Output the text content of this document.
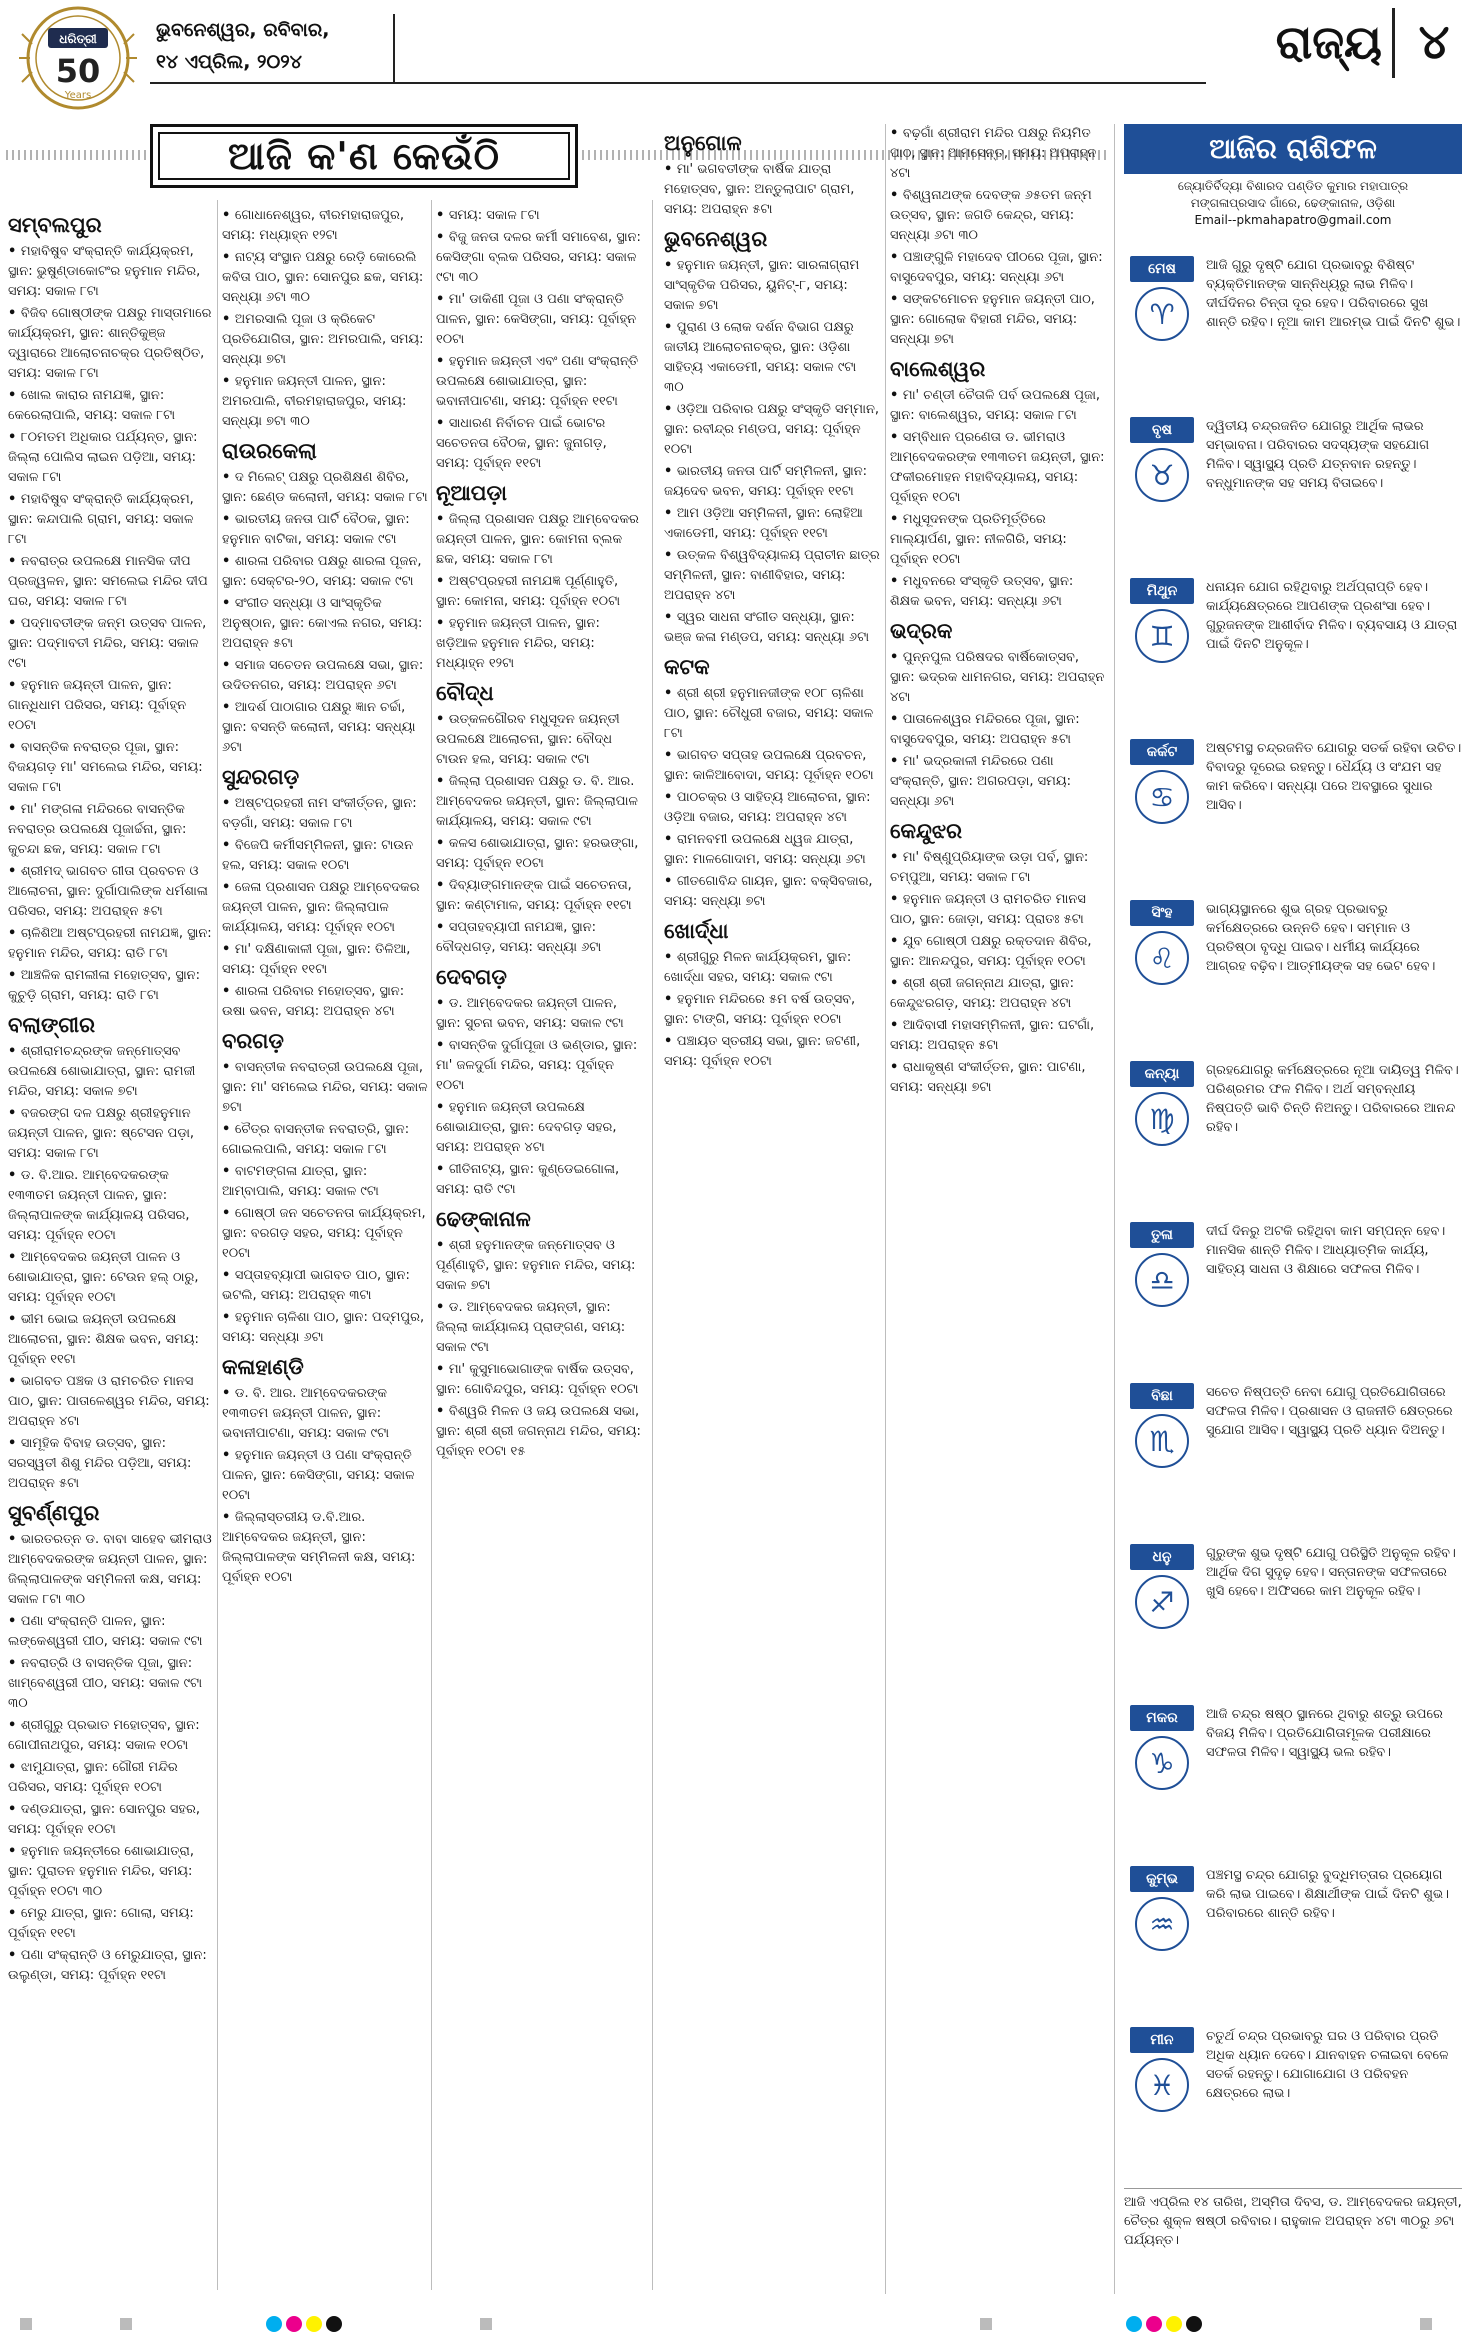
ଧରିତ୍ରୀ
50
Years
ଭୁବନେଶ୍ୱର, ରବିବାର,
୧୪ ଏପ୍ରିଲ, ୨୦୨୪	ରାଜ୍ୟ ୪
ଆଜି କ'ଣ କେଉଁଠି
ସମ୍ବଲପୁର
• ମହାବିଷୁବ ସଂକ୍ରାନ୍ତି କାର୍ଯ୍ୟକ୍ରମ, ସ୍ଥାନ: ଭୁଷୁଣ୍ଡାକୋଟଂର ହନୁମାନ ମନ୍ଦିର, ସମୟ: ସକାଳ ୮ଟା
• ବିଜିବ ଗୋଷ୍ଠୀଙ୍କ ପକ୍ଷରୁ ମାସ୍ତାମାରେ କାର୍ଯ୍ୟକ୍ରମ, ସ୍ଥାନ: ଶାନ୍ତିକୁଞ୍ଜ ଦ୍ୱାରାରେ ଆଲୋଚନାଚକ୍ର ପ୍ରତିଷ୍ଠିତ, ସମୟ: ସକାଳ ୮ଟା
• ଖୋଲ କାରାର ନାମଯଜ୍ଞ, ସ୍ଥାନ: କେରେଲାପାଲି, ସମୟ: ସକାଳ ୮ଟା
• ୮୦ମତମ ଅଧିକାର ପର୍ଯ୍ୟନ୍ତ, ସ୍ଥାନ: ଜିଲ୍ଲା ପୋଲିସ ଲାଇନ ପଡ଼ିଆ, ସମୟ: ସକାଳ ୮ଟା
• ମହାବିଷୁବ ସଂକ୍ରାନ୍ତି କାର୍ଯ୍ୟକ୍ରମ, ସ୍ଥାନ: କନ୍ଦାପାଲି ଗ୍ରାମ, ସମୟ: ସକାଳ ୮ଟା
• ନବରାତ୍ର ଉପଲକ୍ଷେ ମାନସିକ ଦୀପ ପ୍ରଜ୍ୱଳନ, ସ୍ଥାନ: ସମଲେଇ ମନ୍ଦିର ଦୀପ ଘର, ସମୟ: ସକାଳ ୮ଟା
• ପଦ୍ମାବତୀଙ୍କ ଜନ୍ମ ଉତ୍ସବ ପାଳନ, ସ୍ଥାନ: ପଦ୍ମାବତୀ ମନ୍ଦିର, ସମୟ: ସକାଳ ୯ଟା
• ହନୁମାନ ଜୟନ୍ତୀ ପାଳନ, ସ୍ଥାନ: ଗାନ୍ଧିଧାମ ପରିସର, ସମୟ: ପୂର୍ବାହ୍ନ ୧୦ଟା
• ବାସନ୍ତିକ ନବରାତ୍ର ପୂଜା, ସ୍ଥାନ: ବିଜୟଗଡ଼ ମା' ସମଲେଇ ମନ୍ଦିର, ସମୟ: ସକାଳ ୮ଟା
• ମା' ମଙ୍ଗଳା ମନ୍ଦିରରେ ବାସନ୍ତିକ ନବରାତ୍ର ଉପଲକ୍ଷେ ପୂଜାର୍ଚ୍ଚନା, ସ୍ଥାନ: କୁଚନ୍ଦା ଛକ, ସମୟ: ସକାଳ ୮ଟା
• ଶ୍ରୀମଦ୍ ଭାଗବତ ଗୀତା ପ୍ରବଚନ ଓ ଆଲୋଚନା, ସ୍ଥାନ: ଦୁର୍ଗାପାଲିଙ୍କ ଧର୍ମଶାଳା ପରିସର, ସମୟ: ଅପରାହ୍ନ ୫ଟା
• ଚାଳିଶିଆ ଅଷ୍ଟପ୍ରହରୀ ନାମଯଜ୍ଞ, ସ୍ଥାନ: ହନୁମାନ ମନ୍ଦିର, ସମୟ: ରାତି ୮ଟା
• ଆଞ୍ଚଳିକ ରାମଲୀଳା ମହୋତ୍ସବ, ସ୍ଥାନ: କୁଚୁଡ଼ି ଗ୍ରାମ, ସମୟ: ରାତି ୮ଟା
ବଲାଙ୍ଗୀର
• ଶ୍ରୀରାମଚନ୍ଦ୍ରଙ୍କ ଜନ୍ମୋତ୍ସବ ଉପଲକ୍ଷେ ଶୋଭାଯାତ୍ରା, ସ୍ଥାନ: ରାମଜୀ ମନ୍ଦିର, ସମୟ: ସକାଳ ୭ଟା
• ବଜରଙ୍ଗ ଦଳ ପକ୍ଷରୁ ଶ୍ରୀହନୁମାନ ଜୟନ୍ତୀ ପାଳନ, ସ୍ଥାନ: ଷ୍ଟେସନ ପଡ଼ା, ସମୟ: ସକାଳ ୮ଟା
• ଡ. ବି.ଆର. ଆମ୍ବେଦକରଙ୍କ ୧୩୩ତମ ଜୟନ୍ତୀ ପାଳନ, ସ୍ଥାନ: ଜିଲ୍ଲାପାଳଙ୍କ କାର୍ଯ୍ୟାଳୟ ପରିସର, ସମୟ: ପୂର୍ବାହ୍ନ ୧୦ଟା
• ଆମ୍ବେଦକର ଜୟନ୍ତୀ ପାଳନ ଓ ଶୋଭାଯାତ୍ରା, ସ୍ଥାନ: ଟେଉନ ହଲ୍ ଠାରୁ, ସମୟ: ପୂର୍ବାହ୍ନ ୧୦ଟା
• ଭୀମ ଭୋଇ ଜୟନ୍ତୀ ଉପଲକ୍ଷେ ଆଲୋଚନା, ସ୍ଥାନ: ଶିକ୍ଷକ ଭବନ, ସମୟ: ପୂର୍ବାହ୍ନ ୧୧ଟା
• ଭାଗବତ ପଞ୍ଚକ ଓ ରାମଚରିତ ମାନସ ପାଠ, ସ୍ଥାନ: ପାତାଳେଶ୍ୱର ମନ୍ଦିର, ସମୟ: ଅପରାହ୍ନ ୪ଟା
• ସାମୂହିକ ବିବାହ ଉତ୍ସବ, ସ୍ଥାନ: ସରସ୍ୱତୀ ଶିଶୁ ମନ୍ଦିର ପଡ଼ିଆ, ସମୟ: ଅପରାହ୍ନ ୫ଟା
ସୁବର୍ଣ୍ଣପୁର
• ଭାରତରତ୍ନ ଡ. ବାବା ସାହେବ ଭୀମରାଓ ଆମ୍ବେଦକରଙ୍କ ଜୟନ୍ତୀ ପାଳନ, ସ୍ଥାନ: ଜିଲ୍ଲାପାଳଙ୍କ ସମ୍ମିଳନୀ କକ୍ଷ, ସମୟ: ସକାଳ ୮ଟା ୩୦
• ପଣା ସଂକ୍ରାନ୍ତି ପାଳନ, ସ୍ଥାନ: ଲଙ୍କେଶ୍ୱରୀ ପୀଠ, ସମୟ: ସକାଳ ୯ଟା
• ନବରାତ୍ରି ଓ ବାସନ୍ତିକ ପୂଜା, ସ୍ଥାନ: ଖାମ୍ବେଶ୍ୱରୀ ପୀଠ, ସମୟ: ସକାଳ ୯ଟା ୩୦
• ଶ୍ରୀଗୁରୁ ପ୍ରଭାତ ମହୋତ୍ସବ, ସ୍ଥାନ: ଗୋପୀନାଥପୁର, ସମୟ: ସକାଳ ୧୦ଟା
• ଝାମୁଯାତ୍ରା, ସ୍ଥାନ: ଗୌରୀ ମନ୍ଦିର ପରିସର, ସମୟ: ପୂର୍ବାହ୍ନ ୧୦ଟା
• ଦଣ୍ଡଯାତ୍ରା, ସ୍ଥାନ: ସୋନପୁର ସହର, ସମୟ: ପୂର୍ବାହ୍ନ ୧୦ଟା
• ହନୁମାନ ଜୟନ୍ତୀରେ ଶୋଭାଯାତ୍ରା, ସ୍ଥାନ: ପୁରାତନ ହନୁମାନ ମନ୍ଦିର, ସମୟ: ପୂର୍ବାହ୍ନ ୧୦ଟା ୩୦
• ମେରୁ ଯାତ୍ରା, ସ୍ଥାନ: ଗୋଲା, ସମୟ: ପୂର୍ବାହ୍ନ ୧୧ଟା
• ପଣା ସଂକ୍ରାନ୍ତି ଓ ମେରୁଯାତ୍ରା, ସ୍ଥାନ: ଉଲୁଣ୍ଡା, ସମୟ: ପୂର୍ବାହ୍ନ ୧୧ଟା
• ଗୋଧାନେଶ୍ୱର, ବୀରମହାରାଜପୁର, ସମୟ: ମଧ୍ୟାହ୍ନ ୧୨ଟା
• ନାଟ୍ୟ ସଂସ୍ଥାନ ପକ୍ଷରୁ ରେଡ଼ି କୋରେଲି କବିତା ପାଠ, ସ୍ଥାନ: ସୋନପୁର ଛକ, ସମୟ: ସନ୍ଧ୍ୟା ୬ଟା ୩୦
• ଅମରସାଲି ପୂଜା ଓ କ୍ରିକେଟ ପ୍ରତିଯୋଗିତା, ସ୍ଥାନ: ଅମରପାଲି, ସମୟ: ସନ୍ଧ୍ୟା ୭ଟା
• ହନୁମାନ ଜୟନ୍ତୀ ପାଳନ, ସ୍ଥାନ: ଅମରପାଲି, ବୀରମହାରାଜପୁର, ସମୟ: ସନ୍ଧ୍ୟା ୭ଟା ୩୦
ରାଉରକେଲା
• ଦ ମିଲେଟ୍ ପକ୍ଷରୁ ପ୍ରଶିକ୍ଷଣ ଶିବିର, ସ୍ଥାନ: ଛେଣ୍ଡ କଲୋନୀ, ସମୟ: ସକାଳ ୮ଟା
• ଭାରତୀୟ ଜନତା ପାର୍ଟି ବୈଠକ, ସ୍ଥାନ: ହନୁମାନ ବାଟିକା, ସମୟ: ସକାଳ ୯ଟା
• ଶାରଳା ପରିବାର ପକ୍ଷରୁ ଶାରଳା ପୂଜନ, ସ୍ଥାନ: ସେକ୍ଟର-୨୦, ସମୟ: ସକାଳ ୯ଟା
• ସଂଗୀତ ସନ୍ଧ୍ୟା ଓ ସାଂସ୍କୃତିକ ଅନୁଷ୍ଠାନ, ସ୍ଥାନ: କୋଏଲ ନଗର, ସମୟ: ଅପରାହ୍ନ ୫ଟା
• ସମାଜ ସଚେତନ ଉପଲକ୍ଷେ ସଭା, ସ୍ଥାନ: ଉଦିତନଗର, ସମୟ: ଅପରାହ୍ନ ୬ଟା
• ଆଦର୍ଶ ପାଠାଗାର ପକ୍ଷରୁ ଜ୍ଞାନ ଚର୍ଚ୍ଚା, ସ୍ଥାନ: ବସନ୍ତି କଲୋନୀ, ସମୟ: ସନ୍ଧ୍ୟା ୬ଟା
ସୁନ୍ଦରଗଡ଼
• ଅଷ୍ଟପ୍ରହରୀ ନାମ ସଂକୀର୍ତ୍ତନ, ସ୍ଥାନ: ବଡ଼ଗାଁ, ସମୟ: ସକାଳ ୮ଟା
• ବିଜେପି କର୍ମୀସମ୍ମିଳନୀ, ସ୍ଥାନ: ଟାଉନ ହଲ, ସମୟ: ସକାଳ ୧୦ଟା
• ଜେଳା ପ୍ରଶାସନ ପକ୍ଷରୁ ଆମ୍ବେଦକର ଜୟନ୍ତୀ ପାଳନ, ସ୍ଥାନ: ଜିଲ୍ଲାପାଳ କାର୍ଯ୍ୟାଳୟ, ସମୟ: ପୂର୍ବାହ୍ନ ୧୦ଟା
• ମା' ଦକ୍ଷିଣାକାଳୀ ପୂଜା, ସ୍ଥାନ: ତିଳିଆ, ସମୟ: ପୂର୍ବାହ୍ନ ୧୧ଟା
• ଶାରଳା ପରିବାର ମହୋତ୍ସବ, ସ୍ଥାନ: ଉଷା ଭବନ, ସମୟ: ଅପରାହ୍ନ ୪ଟା
ବରଗଡ଼
• ବାସନ୍ତୀକ ନବରାତ୍ରୀ ଉପଲକ୍ଷେ ପୂଜା, ସ୍ଥାନ: ମା' ସମଲେଇ ମନ୍ଦିର, ସମୟ: ସକାଳ ୭ଟା
• ଚୈତ୍ର ବାସନ୍ତୀକ ନବରାତ୍ରି, ସ୍ଥାନ: ଗୋଇଲପାଲି, ସମୟ: ସକାଳ ୮ଟା
• ବାଟମଙ୍ଗଳା ଯାତ୍ରା, ସ୍ଥାନ: ଆମ୍ବାପାଲି, ସମୟ: ସକାଳ ୯ଟା
• ଗୋଷ୍ଠୀ ଜନ ସଚେତନତା କାର୍ଯ୍ୟକ୍ରମ, ସ୍ଥାନ: ବରଗଡ଼ ସହର, ସମୟ: ପୂର୍ବାହ୍ନ ୧୦ଟା
• ସପ୍ତାହବ୍ୟାପୀ ଭାଗବତ ପାଠ, ସ୍ଥାନ: ଭଟଲି, ସମୟ: ଅପରାହ୍ନ ୩ଟା
• ହନୁମାନ ଚାଳିଶା ପାଠ, ସ୍ଥାନ: ପଦ୍ମପୁର, ସମୟ: ସନ୍ଧ୍ୟା ୬ଟା
କଳାହାଣ୍ଡି
• ଡ. ବି. ଆର. ଆମ୍ବେଦକରଙ୍କ ୧୩୩ତମ ଜୟନ୍ତୀ ପାଳନ, ସ୍ଥାନ: ଭବାନୀପାଟଣା, ସମୟ: ସକାଳ ୯ଟା
• ହନୁମାନ ଜୟନ୍ତୀ ଓ ପଣା ସଂକ୍ରାନ୍ତି ପାଳନ, ସ୍ଥାନ: କେସିଙ୍ଗା, ସମୟ: ସକାଳ ୧୦ଟା
• ଜିଲ୍ଲାସ୍ତରୀୟ ଡ.ବି.ଆର. ଆମ୍ବେଦକର ଜୟନ୍ତୀ, ସ୍ଥାନ: ଜିଲ୍ଲାପାଳଙ୍କ ସମ୍ମିଳନୀ କକ୍ଷ, ସମୟ: ପୂର୍ବାହ୍ନ ୧୦ଟା
• ସମୟ: ସକାଳ ୮ଟା
• ବିଜୁ ଜନତା ଦଳର କର୍ମୀ ସମାବେଶ, ସ୍ଥାନ: କେସିଙ୍ଗା ବ୍ଲକ ପରିସର, ସମୟ: ସକାଳ ୯ଟା ୩୦
• ମା' ଡାକିଣୀ ପୂଜା ଓ ପଣା ସଂକ୍ରାନ୍ତି ପାଳନ, ସ୍ଥାନ: କେସିଙ୍ଗା, ସମୟ: ପୂର୍ବାହ୍ନ ୧୦ଟା
• ହନୁମାନ ଜୟନ୍ତୀ ଏବଂ ପଣା ସଂକ୍ରାନ୍ତି ଉପଲକ୍ଷେ ଶୋଭାଯାତ୍ରା, ସ୍ଥାନ: ଭବାନୀପାଟଣା, ସମୟ: ପୂର୍ବାହ୍ନ ୧୧ଟା
• ସାଧାରଣ ନିର୍ବାଚନ ପାଇଁ ଭୋଟର ସଚେତନତା ବୈଠକ, ସ୍ଥାନ: ଜୁନାଗଡ଼, ସମୟ: ପୂର୍ବାହ୍ନ ୧୧ଟା
ନୂଆପଡ଼ା
• ଜିଲ୍ଲା ପ୍ରଶାସନ ପକ୍ଷରୁ ଆମ୍ବେଦକର ଜୟନ୍ତୀ ପାଳନ, ସ୍ଥାନ: କୋମନା ବ୍ଲକ ଛକ, ସମୟ: ସକାଳ ୮ଟା
• ଅଷ୍ଟପ୍ରହରୀ ନାମଯଜ୍ଞ ପୂର୍ଣ୍ଣାହୁତି, ସ୍ଥାନ: କୋମନା, ସମୟ: ପୂର୍ବାହ୍ନ ୧୦ଟା
• ହନୁମାନ ଜୟନ୍ତୀ ପାଳନ, ସ୍ଥାନ: ଖଡ଼ିଆଳ ହନୁମାନ ମନ୍ଦିର, ସମୟ: ମଧ୍ୟାହ୍ନ ୧୨ଟା
ବୌଦ୍ଧ
• ଉତ୍କଳଗୌରବ ମଧୁସୂଦନ ଜୟନ୍ତୀ ଉପଲକ୍ଷେ ଆଲୋଚନା, ସ୍ଥାନ: ବୌଦ୍ଧ ଟାଉନ ହଲ, ସମୟ: ସକାଳ ୯ଟା
• ଜିଲ୍ଲା ପ୍ରଶାସନ ପକ୍ଷରୁ ଡ. ବି. ଆର. ଆମ୍ବେଦକର ଜୟନ୍ତୀ, ସ୍ଥାନ: ଜିଲ୍ଲାପାଳ କାର୍ଯ୍ୟାଳୟ, ସମୟ: ସକାଳ ୯ଟା
• କଳସ ଶୋଭାଯାତ୍ରା, ସ୍ଥାନ: ହରଭଙ୍ଗା, ସମୟ: ପୂର୍ବାହ୍ନ ୧୦ଟା
• ଦିବ୍ୟାଙ୍ଗମାନଙ୍କ ପାଇଁ ସଚେତନତା, ସ୍ଥାନ: କଣ୍ଟାମାଳ, ସମୟ: ପୂର୍ବାହ୍ନ ୧୧ଟା
• ସପ୍ତାହବ୍ୟାପୀ ନାମଯଜ୍ଞ, ସ୍ଥାନ: ବୌଦ୍ଧଗଡ଼, ସମୟ: ସନ୍ଧ୍ୟା ୬ଟା
ଦେବଗଡ଼
• ଡ. ଆମ୍ବେଦକର ଜୟନ୍ତୀ ପାଳନ, ସ୍ଥାନ: ସୁଚନା ଭବନ, ସମୟ: ସକାଳ ୯ଟା
• ବାସନ୍ତିକ ଦୁର୍ଗାପୂଜା ଓ ଭଣ୍ଡାର, ସ୍ଥାନ: ମା' ଜଳଦୁର୍ଗା ମନ୍ଦିର, ସମୟ: ପୂର୍ବାହ୍ନ ୧୦ଟା
• ହନୁମାନ ଜୟନ୍ତୀ ଉପଲକ୍ଷେ ଶୋଭାଯାତ୍ରା, ସ୍ଥାନ: ଦେବଗଡ଼ ସହର, ସମୟ: ଅପରାହ୍ନ ୪ଟା
• ଗୀତିନାଟ୍ୟ, ସ୍ଥାନ: କୁଣ୍ଡେଇଗୋଳା, ସମୟ: ରାତି ୯ଟା
ଢେଙ୍କାନାଳ
• ଶ୍ରୀ ହନୁମାନଙ୍କ ଜନ୍ମୋତ୍ସବ ଓ ପୂର୍ଣ୍ଣାହୁତି, ସ୍ଥାନ: ହନୁମାନ ମନ୍ଦିର, ସମୟ: ସକାଳ ୭ଟା
• ଡ. ଆମ୍ବେଦକର ଜୟନ୍ତୀ, ସ୍ଥାନ: ଜିଲ୍ଲା କାର୍ଯ୍ୟାଳୟ ପ୍ରାଙ୍ଗଣ, ସମୟ: ସକାଳ ୯ଟା
• ମା' କୁସୁମାଭୋଗାଙ୍କ ବାର୍ଷିକ ଉତ୍ସବ, ସ୍ଥାନ: ଗୋବିନ୍ଦପୁର, ସମୟ: ପୂର୍ବାହ୍ନ ୧୦ଟା
• ବିଶ୍ୱରି ମିଳନ ଓ ଜୟ ଉପଲକ୍ଷେ ସଭା, ସ୍ଥାନ: ଶ୍ରୀ ଶ୍ରୀ ଜଗନ୍ନାଥ ମନ୍ଦିର, ସମୟ: ପୂର୍ବାହ୍ନ ୧୦ଟା ୧୫
ଅନୁଗୋଳ
• ମା' ଭଗବତୀଙ୍କ ବାର୍ଷିକ ଯାତ୍ରା ମହୋତ୍ସବ, ସ୍ଥାନ: ଅନ୍ତୁଲାପାଟ ଗ୍ରାମ, ସମୟ: ଅପରାହ୍ନ ୫ଟା
ଭୁବନେଶ୍ୱର
• ହନୁମାନ ଜୟନ୍ତୀ, ସ୍ଥାନ: ସାରଳାଗ୍ରାମ ସାଂସ୍କୃତିକ ପରିସର, ୟୁନିଟ୍-୮, ସମୟ: ସକାଳ ୭ଟା
• ପୁରାଣ ଓ ଲୋକ ଦର୍ଶନ ବିଭାଗ ପକ୍ଷରୁ ଜାତୀୟ ଆଲୋଚନାଚକ୍ର, ସ୍ଥାନ: ଓଡ଼ିଶା ସାହିତ୍ୟ ଏକାଡେମୀ, ସମୟ: ସକାଳ ୯ଟା ୩୦
• ଓଡ଼ିଆ ପରିବାର ପକ୍ଷରୁ ସଂସ୍କୃତି ସମ୍ମାନ, ସ୍ଥାନ: ରବୀନ୍ଦ୍ର ମଣ୍ଡପ, ସମୟ: ପୂର୍ବାହ୍ନ ୧୦ଟା
• ଭାରତୀୟ ଜନତା ପାର୍ଟି ସମ୍ମିଳନୀ, ସ୍ଥାନ: ଜୟଦେବ ଭବନ, ସମୟ: ପୂର୍ବାହ୍ନ ୧୧ଟା
• ଆମ ଓଡ଼ିଆ ସମ୍ମିଳନୀ, ସ୍ଥାନ: ଲୋହିଆ ଏକାଡେମୀ, ସମୟ: ପୂର୍ବାହ୍ନ ୧୧ଟା
• ଉତ୍କଳ ବିଶ୍ୱବିଦ୍ୟାଳୟ ପ୍ରାଚୀନ ଛାତ୍ର ସମ୍ମିଳନୀ, ସ୍ଥାନ: ବାଣୀବିହାର, ସମୟ: ଅପରାହ୍ନ ୪ଟା
• ସ୍ୱର ସାଧନା ସଂଗୀତ ସନ୍ଧ୍ୟା, ସ୍ଥାନ: ଭଞ୍ଜ କଳା ମଣ୍ଡପ, ସମୟ: ସନ୍ଧ୍ୟା ୬ଟା
କଟକ
• ଶ୍ରୀ ଶ୍ରୀ ହନୁମାନଜୀଙ୍କ ୧୦୮ ଚାଳିଶା ପାଠ, ସ୍ଥାନ: ଚୌଧୁରୀ ବଜାର, ସମୟ: ସକାଳ ୮ଟା
• ଭାଗବତ ସପ୍ତାହ ଉପଲକ୍ଷେ ପ୍ରବଚନ, ସ୍ଥାନ: କାଳିଆବୋଦା, ସମୟ: ପୂର୍ବାହ୍ନ ୧୦ଟା
• ପାଠଚକ୍ର ଓ ସାହିତ୍ୟ ଆଲୋଚନା, ସ୍ଥାନ: ଓଡ଼ିଆ ବଜାର, ସମୟ: ଅପରାହ୍ନ ୪ଟା
• ରାମନବମୀ ଉପଲକ୍ଷେ ଧ୍ୱଜ ଯାତ୍ରା, ସ୍ଥାନ: ମାଳଗୋଦାମ, ସମୟ: ସନ୍ଧ୍ୟା ୬ଟା
• ଗୀତଗୋବିନ୍ଦ ଗାୟନ, ସ୍ଥାନ: ବକ୍ସିବଜାର, ସମୟ: ସନ୍ଧ୍ୟା ୭ଟା
ଖୋର୍ଦ୍ଧା
• ଶ୍ରୀଗୁରୁ ମିଳନ କାର୍ଯ୍ୟକ୍ରମ, ସ୍ଥାନ: ଖୋର୍ଦ୍ଧା ସହର, ସମୟ: ସକାଳ ୯ଟା
• ହନୁମାନ ମନ୍ଦିରରେ ୫ମ ବର୍ଷ ଉତ୍ସବ, ସ୍ଥାନ: ଟାଙ୍ଗି, ସମୟ: ପୂର୍ବାହ୍ନ ୧୦ଟା
• ପଞ୍ଚାୟତ ସ୍ତରୀୟ ସଭା, ସ୍ଥାନ: ଜଟଣୀ, ସମୟ: ପୂର୍ବାହ୍ନ ୧୦ଟା
• ବଢ଼ଗାଁ ଶ୍ରୀରାମ ମନ୍ଦିର ପକ୍ଷରୁ ନିୟମିତ ପାଠ, ସ୍ଥାନ: ଆମସେନ୍ତ, ସମୟ: ଅପରାହ୍ନ ୪ଟା
• ବିଶ୍ୱନାଥଙ୍କ ଦେବଙ୍କ ୬୫ତମ ଜନ୍ମ ଉତ୍ସବ, ସ୍ଥାନ: ଜଗତି କେନ୍ଦ୍ର, ସମୟ: ସନ୍ଧ୍ୟା ୬ଟା ୩୦
• ପଞ୍ଚାଙ୍ଗୁଳି ମହାଦେବ ପୀଠରେ ପୂଜା, ସ୍ଥାନ: ବାସୁଦେବପୁର, ସମୟ: ସନ୍ଧ୍ୟା ୬ଟା
• ସଙ୍କଟମୋଚନ ହନୁମାନ ଜୟନ୍ତୀ ପାଠ, ସ୍ଥାନ: ଗୋଲୋକ ବିହାରୀ ମନ୍ଦିର, ସମୟ: ସନ୍ଧ୍ୟା ୭ଟା
ବାଲେଶ୍ୱର
• ମା' ଚଣ୍ଡୀ ଚୈତାଳି ପର୍ବ ଉପଲକ୍ଷେ ପୂଜା, ସ୍ଥାନ: ବାଲେଶ୍ୱର, ସମୟ: ସକାଳ ୮ଟା
• ସମ୍ବିଧାନ ପ୍ରଣେତା ଡ. ଭୀମରାଓ ଆମ୍ବେଦକରଙ୍କ ୧୩୩ତମ ଜୟନ୍ତୀ, ସ୍ଥାନ: ଫକୀରମୋହନ ମହାବିଦ୍ୟାଳୟ, ସମୟ: ପୂର୍ବାହ୍ନ ୧୦ଟା
• ମଧୁସୂଦନଙ୍କ ପ୍ରତିମୂର୍ତ୍ତିରେ ମାଲ୍ୟାର୍ପଣ, ସ୍ଥାନ: ନୀଳଗିରି, ସମୟ: ପୂର୍ବାହ୍ନ ୧୦ଟା
• ମଧୁବନରେ ସଂସ୍କୃତି ଉତ୍ସବ, ସ୍ଥାନ: ଶିକ୍ଷକ ଭବନ, ସମୟ: ସନ୍ଧ୍ୟା ୬ଟା
ଭଦ୍ରକ
• ପୁନ୍ନପୁଲ ପରିଷଦର ବାର୍ଷିକୋତ୍ସବ, ସ୍ଥାନ: ଭଦ୍ରକ ଧାମନଗର, ସମୟ: ଅପରାହ୍ନ ୪ଟା
• ପାତାଳେଶ୍ୱର ମନ୍ଦିରରେ ପୂଜା, ସ୍ଥାନ: ବାସୁଦେବପୁର, ସମୟ: ଅପରାହ୍ନ ୫ଟା
• ମା' ଭଦ୍ରକାଳୀ ମନ୍ଦିରରେ ପଣା ସଂକ୍ରାନ୍ତି, ସ୍ଥାନ: ଅଗରପଡ଼ା, ସମୟ: ସନ୍ଧ୍ୟା ୬ଟା
କେନ୍ଦୁଝର
• ମା' ବିଷ୍ଣୁପ୍ରିୟାଙ୍କ ଉଡ଼ା ପର୍ବ, ସ୍ଥାନ: ଚମ୍ପୁଆ, ସମୟ: ସକାଳ ୮ଟା
• ହନୁମାନ ଜୟନ୍ତୀ ଓ ରାମଚରିତ ମାନସ ପାଠ, ସ୍ଥାନ: ଜୋଡ଼ା, ସମୟ: ପ୍ରାତଃ ୫ଟା
• ଯୁବ ଗୋଷ୍ଠୀ ପକ୍ଷରୁ ରକ୍ତଦାନ ଶିବିର, ସ୍ଥାନ: ଆନନ୍ଦପୁର, ସମୟ: ପୂର୍ବାହ୍ନ ୧୦ଟା
• ଶ୍ରୀ ଶ୍ରୀ ଜଗନ୍ନାଥ ଯାତ୍ରା, ସ୍ଥାନ: କେନ୍ଦୁଝରଗଡ଼, ସମୟ: ଅପରାହ୍ନ ୪ଟା
• ଆଦିବାସୀ ମହାସମ୍ମିଳନୀ, ସ୍ଥାନ: ଘଟଗାଁ, ସମୟ: ଅପରାହ୍ନ ୫ଟା
• ରାଧାକୃଷ୍ଣ ସଂକୀର୍ତ୍ତନ, ସ୍ଥାନ: ପାଟଣା, ସମୟ: ସନ୍ଧ୍ୟା ୭ଟା
ଆଜିର ରାଶିଫଳ
ଜ୍ୟୋତିର୍ବିଦ୍ୟା ବିଶାରଦ ପଣ୍ଡିତ କୁମାର ମହାପାତ୍ର
ମଙ୍ଗଳାପ୍ରସାଦ ଗାଁରେ, ଢେଙ୍କାନାଳ, ଓଡ଼ିଶା
Email--pkmahapatro@gmail.com
ମେଷ
♈
ଆଜି ଗୁରୁ ଦୃଷ୍ଟି ଯୋଗ ପ୍ରଭାବରୁ ବିଶିଷ୍ଟ ବ୍ୟକ୍ତିମାନଙ୍କ ସାନ୍ନିଧ୍ୟରୁ ଲାଭ ମିଳିବ। ଦୀର୍ଘଦିନର ଚିନ୍ତା ଦୂର ହେବ। ପରିବାରରେ ସୁଖ ଶାନ୍ତି ରହିବ। ନୂଆ କାମ ଆରମ୍ଭ ପାଇଁ ଦିନଟି ଶୁଭ।
ବୃଷ
♉
ଦ୍ୱିତୀୟ ଚନ୍ଦ୍ରଜନିତ ଯୋଗରୁ ଆର୍ଥିକ ଲାଭର ସମ୍ଭାବନା। ପରିବାରର ସଦସ୍ୟଙ୍କ ସହଯୋଗ ମିଳିବ। ସ୍ୱାସ୍ଥ୍ୟ ପ୍ରତି ଯତ୍ନବାନ ରହନ୍ତୁ। ବନ୍ଧୁମାନଙ୍କ ସହ ସମୟ ବିତାଇବେ।
ମିଥୁନ
♊
ଧନାୟନ ଯୋଗ ରହିଥିବାରୁ ଅର୍ଥପ୍ରାପ୍ତି ହେବ। କାର୍ଯ୍ୟକ୍ଷେତ୍ରରେ ଆପଣଙ୍କ ପ୍ରଶଂସା ହେବ। ଗୁରୁଜନଙ୍କ ଆଶୀର୍ବାଦ ମିଳିବ। ବ୍ୟବସାୟ ଓ ଯାତ୍ରା ପାଇଁ ଦିନଟି ଅନୁକୂଳ।
କର୍କଟ
♋
ଅଷ୍ଟମସ୍ଥ ଚନ୍ଦ୍ରଜନିତ ଯୋଗରୁ ସତର୍କ ରହିବା ଉଚିତ। ବିବାଦରୁ ଦୂରେଇ ରହନ୍ତୁ। ଧୈର୍ଯ୍ୟ ଓ ସଂଯମ ସହ କାମ କରିବେ। ସନ୍ଧ୍ୟା ପରେ ଅବସ୍ଥାରେ ସୁଧାର ଆସିବ।
ସିଂହ
♌
ଭାଗ୍ୟସ୍ଥାନରେ ଶୁଭ ଗ୍ରହ ପ୍ରଭାବରୁ କର୍ମକ୍ଷେତ୍ରରେ ଉନ୍ନତି ହେବ। ସମ୍ମାନ ଓ ପ୍ରତିଷ୍ଠା ବୃଦ୍ଧି ପାଇବ। ଧର୍ମୀୟ କାର୍ଯ୍ୟରେ ଆଗ୍ରହ ବଢ଼ିବ। ଆତ୍ମୀୟଙ୍କ ସହ ଭେଟ ହେବ।
କନ୍ୟା
♍
ଗ୍ରହଯୋଗରୁ କର୍ମକ୍ଷେତ୍ରରେ ନୂଆ ଦାୟିତ୍ୱ ମିଳିବ। ପରିଶ୍ରମର ଫଳ ମିଳିବ। ଅର୍ଥ ସମ୍ବନ୍ଧୀୟ ନିଷ୍ପତ୍ତି ଭାବି ଚିନ୍ତି ନିଅନ୍ତୁ। ପରିବାରରେ ଆନନ୍ଦ ରହିବ।
ତୁଳା
♎
ଦୀର୍ଘ ଦିନରୁ ଅଟକି ରହିଥିବା କାମ ସମ୍ପନ୍ନ ହେବ। ମାନସିକ ଶାନ୍ତି ମିଳିବ। ଆଧ୍ୟାତ୍ମିକ କାର୍ଯ୍ୟ, ସାହିତ୍ୟ ସାଧନା ଓ ଶିକ୍ଷାରେ ସଫଳତା ମିଳିବ।
ବିଛା
♏
ସଚେତ ନିଷ୍ପତ୍ତି ନେବା ଯୋଗୁ ପ୍ରତିଯୋଗିତାରେ ସଫଳତା ମିଳିବ। ପ୍ରଶାସନ ଓ ରାଜନୀତି କ୍ଷେତ୍ରରେ ସୁଯୋଗ ଆସିବ। ସ୍ୱାସ୍ଥ୍ୟ ପ୍ରତି ଧ୍ୟାନ ଦିଅନ୍ତୁ।
ଧନୁ
♐
ଗୁରୁଙ୍କ ଶୁଭ ଦୃଷ୍ଟି ଯୋଗୁ ପରିସ୍ଥିତି ଅନୁକୂଳ ରହିବ। ଆର୍ଥିକ ଦିଗ ସୁଦୃଢ଼ ହେବ। ସନ୍ତାନଙ୍କ ସଫଳତାରେ ଖୁସି ହେବେ। ଅଫିସରେ କାମ ଅନୁକୂଳ ରହିବ।
ମକର
♑
ଆଜି ଚନ୍ଦ୍ର ଷଷ୍ଠ ସ୍ଥାନରେ ଥିବାରୁ ଶତ୍ରୁ ଉପରେ ବିଜୟ ମିଳିବ। ପ୍ରତିଯୋଗିତାମୂଳକ ପରୀକ୍ଷାରେ ସଫଳତା ମିଳିବ। ସ୍ୱାସ୍ଥ୍ୟ ଭଲ ରହିବ।
କୁମ୍ଭ
♒
ପଞ୍ଚମସ୍ଥ ଚନ୍ଦ୍ର ଯୋଗରୁ ବୁଦ୍ଧିମତ୍ତାର ପ୍ରୟୋଗ କରି ଲାଭ ପାଇବେ। ଶିକ୍ଷାର୍ଥୀଙ୍କ ପାଇଁ ଦିନଟି ଶୁଭ। ପରିବାରରେ ଶାନ୍ତି ରହିବ।
ମୀନ
♓
ଚତୁର୍ଥ ଚନ୍ଦ୍ର ପ୍ରଭାବରୁ ଘର ଓ ପରିବାର ପ୍ରତି ଅଧିକ ଧ୍ୟାନ ଦେବେ। ଯାନବାହନ ଚଳାଇବା ବେଳେ ସତର୍କ ରହନ୍ତୁ। ଯୋଗାଯୋଗ ଓ ପରିବହନ କ୍ଷେତ୍ରରେ ଲାଭ।
ଆଜି ଏପ୍ରିଲ ୧୪ ତାରିଖ, ଅସ୍ମିତା ଦିବସ, ଡ. ଆମ୍ବେଦକର ଜୟନ୍ତୀ, ଚୈତ୍ର ଶୁକ୍ଳ ଷଷ୍ଠୀ ରବିବାର। ରାହୁକାଳ ଅପରାହ୍ନ ୪ଟା ୩୦ରୁ ୬ଟା ପର୍ଯ୍ୟନ୍ତ।
